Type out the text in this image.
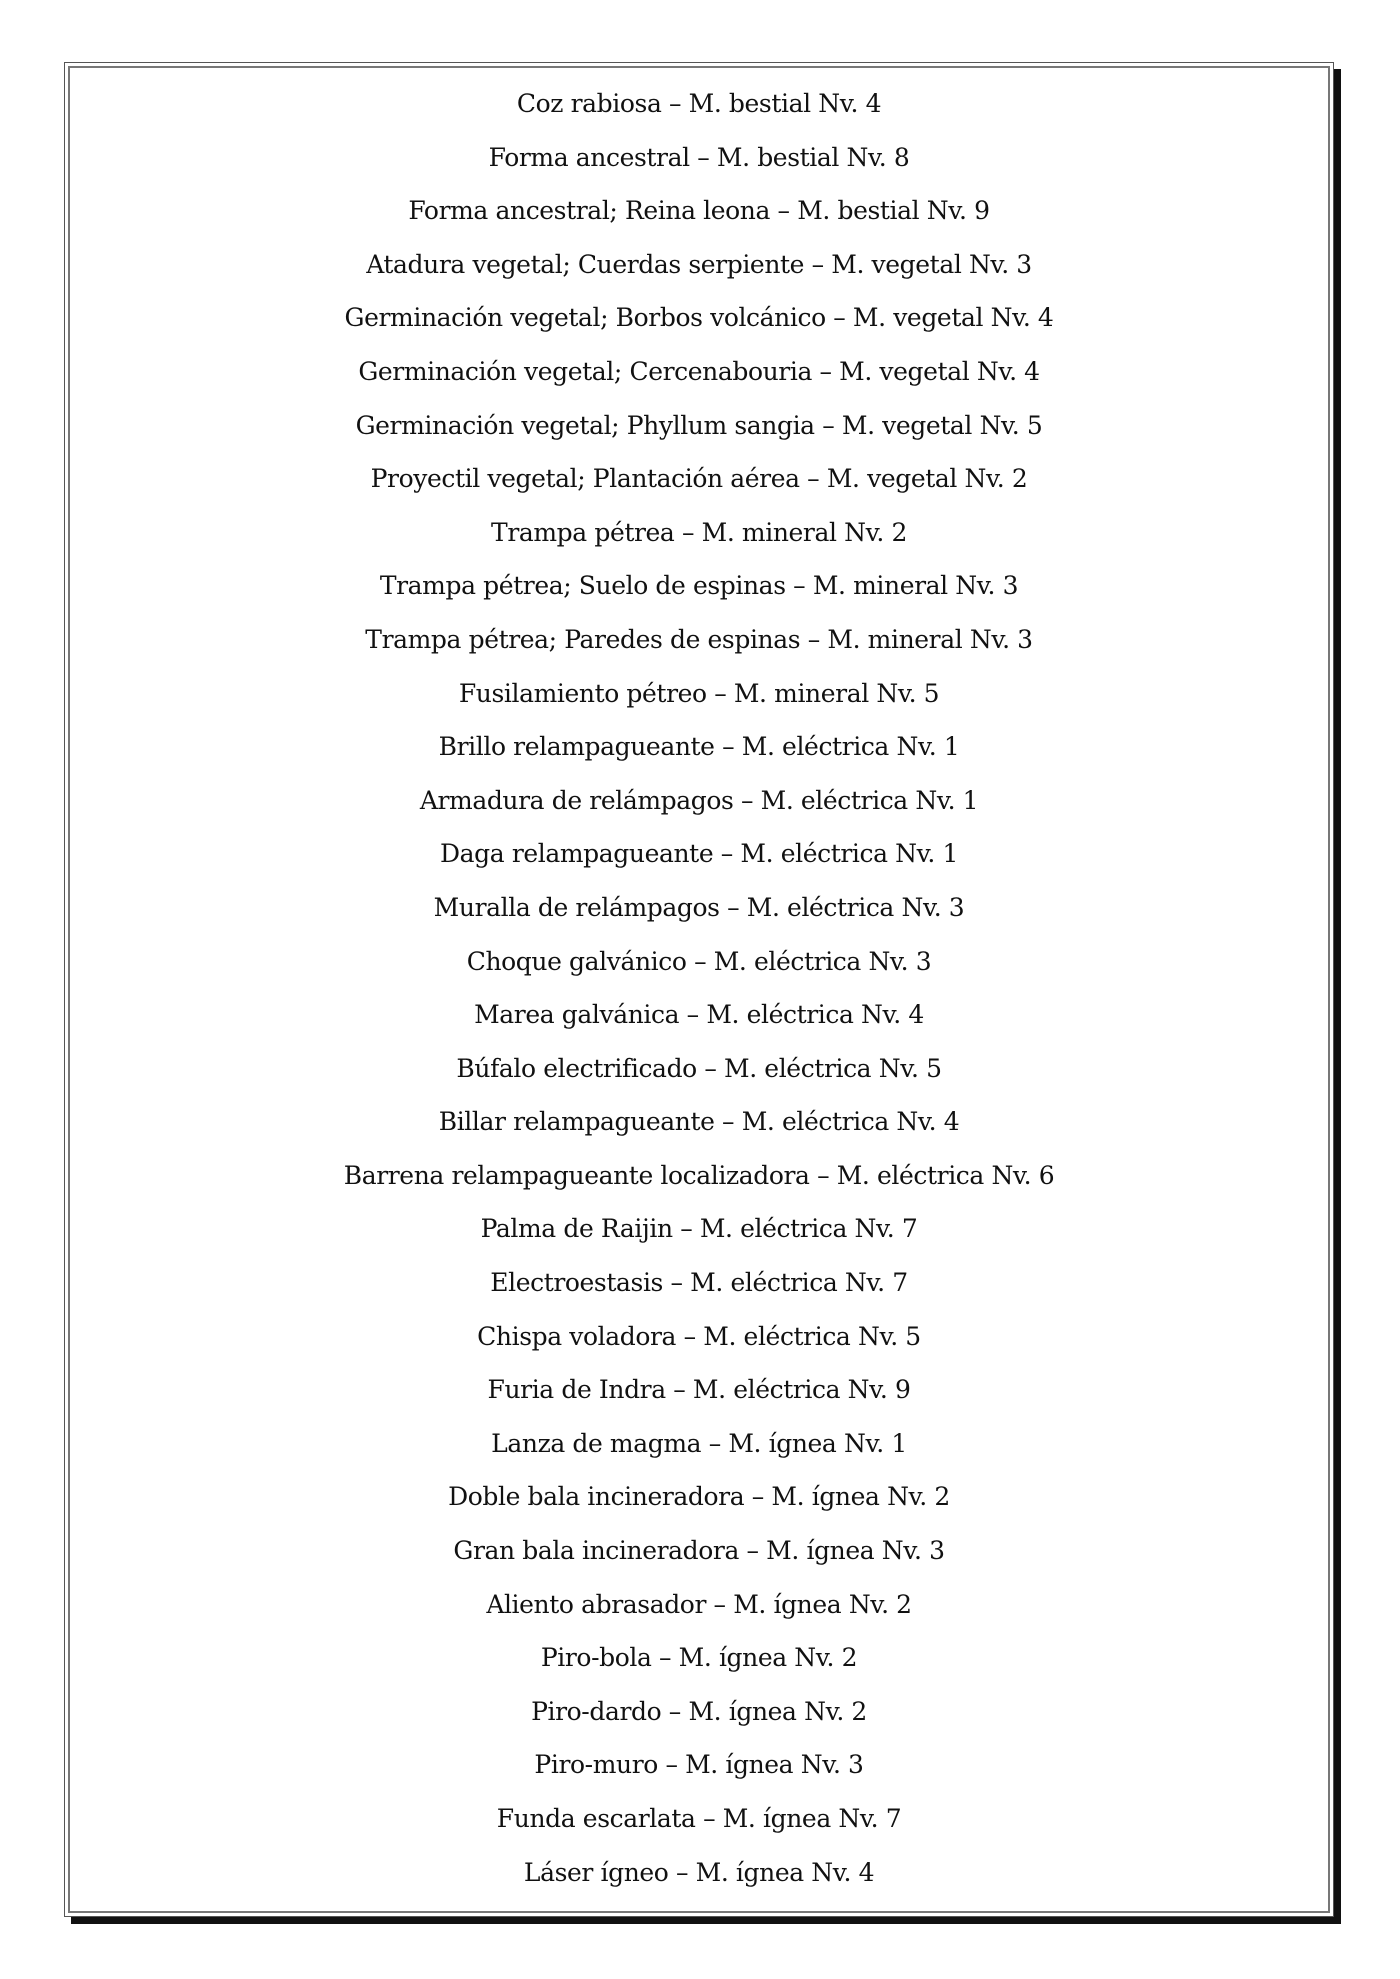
Coz rabiosa – M. bestial Nv. 4
Forma ancestral – M. bestial Nv. 8
Forma ancestral; Reina leona – M. bestial Nv. 9
Atadura vegetal; Cuerdas serpiente – M. vegetal Nv. 3
Germinación vegetal; Borbos volcánico – M. vegetal Nv. 4
Germinación vegetal; Cercenabouria – M. vegetal Nv. 4
Germinación vegetal; Phyllum sangia – M. vegetal Nv. 5
Proyectil vegetal; Plantación aérea – M. vegetal Nv. 2
Trampa pétrea – M. mineral Nv. 2
Trampa pétrea; Suelo de espinas – M. mineral Nv. 3
Trampa pétrea; Paredes de espinas – M. mineral Nv. 3
Fusilamiento pétreo – M. mineral Nv. 5
Brillo relampagueante – M. eléctrica Nv. 1
Armadura de relámpagos – M. eléctrica Nv. 1
Daga relampagueante – M. eléctrica Nv. 1
Muralla de relámpagos – M. eléctrica Nv. 3
Choque galvánico – M. eléctrica Nv. 3
Marea galvánica – M. eléctrica Nv. 4
Búfalo electrificado – M. eléctrica Nv. 5
Billar relampagueante – M. eléctrica Nv. 4
Barrena relampagueante localizadora – M. eléctrica Nv. 6
Palma de Raijin – M. eléctrica Nv. 7
Electroestasis – M. eléctrica Nv. 7
Chispa voladora – M. eléctrica Nv. 5
Furia de Indra – M. eléctrica Nv. 9
Lanza de magma – M. ígnea Nv. 1
Doble bala incineradora – M. ígnea Nv. 2
Gran bala incineradora – M. ígnea Nv. 3
Aliento abrasador – M. ígnea Nv. 2
Piro-bola – M. ígnea Nv. 2
Piro-dardo – M. ígnea Nv. 2
Piro-muro – M. ígnea Nv. 3
Funda escarlata – M. ígnea Nv. 7
Láser ígneo – M. ígnea Nv. 4
